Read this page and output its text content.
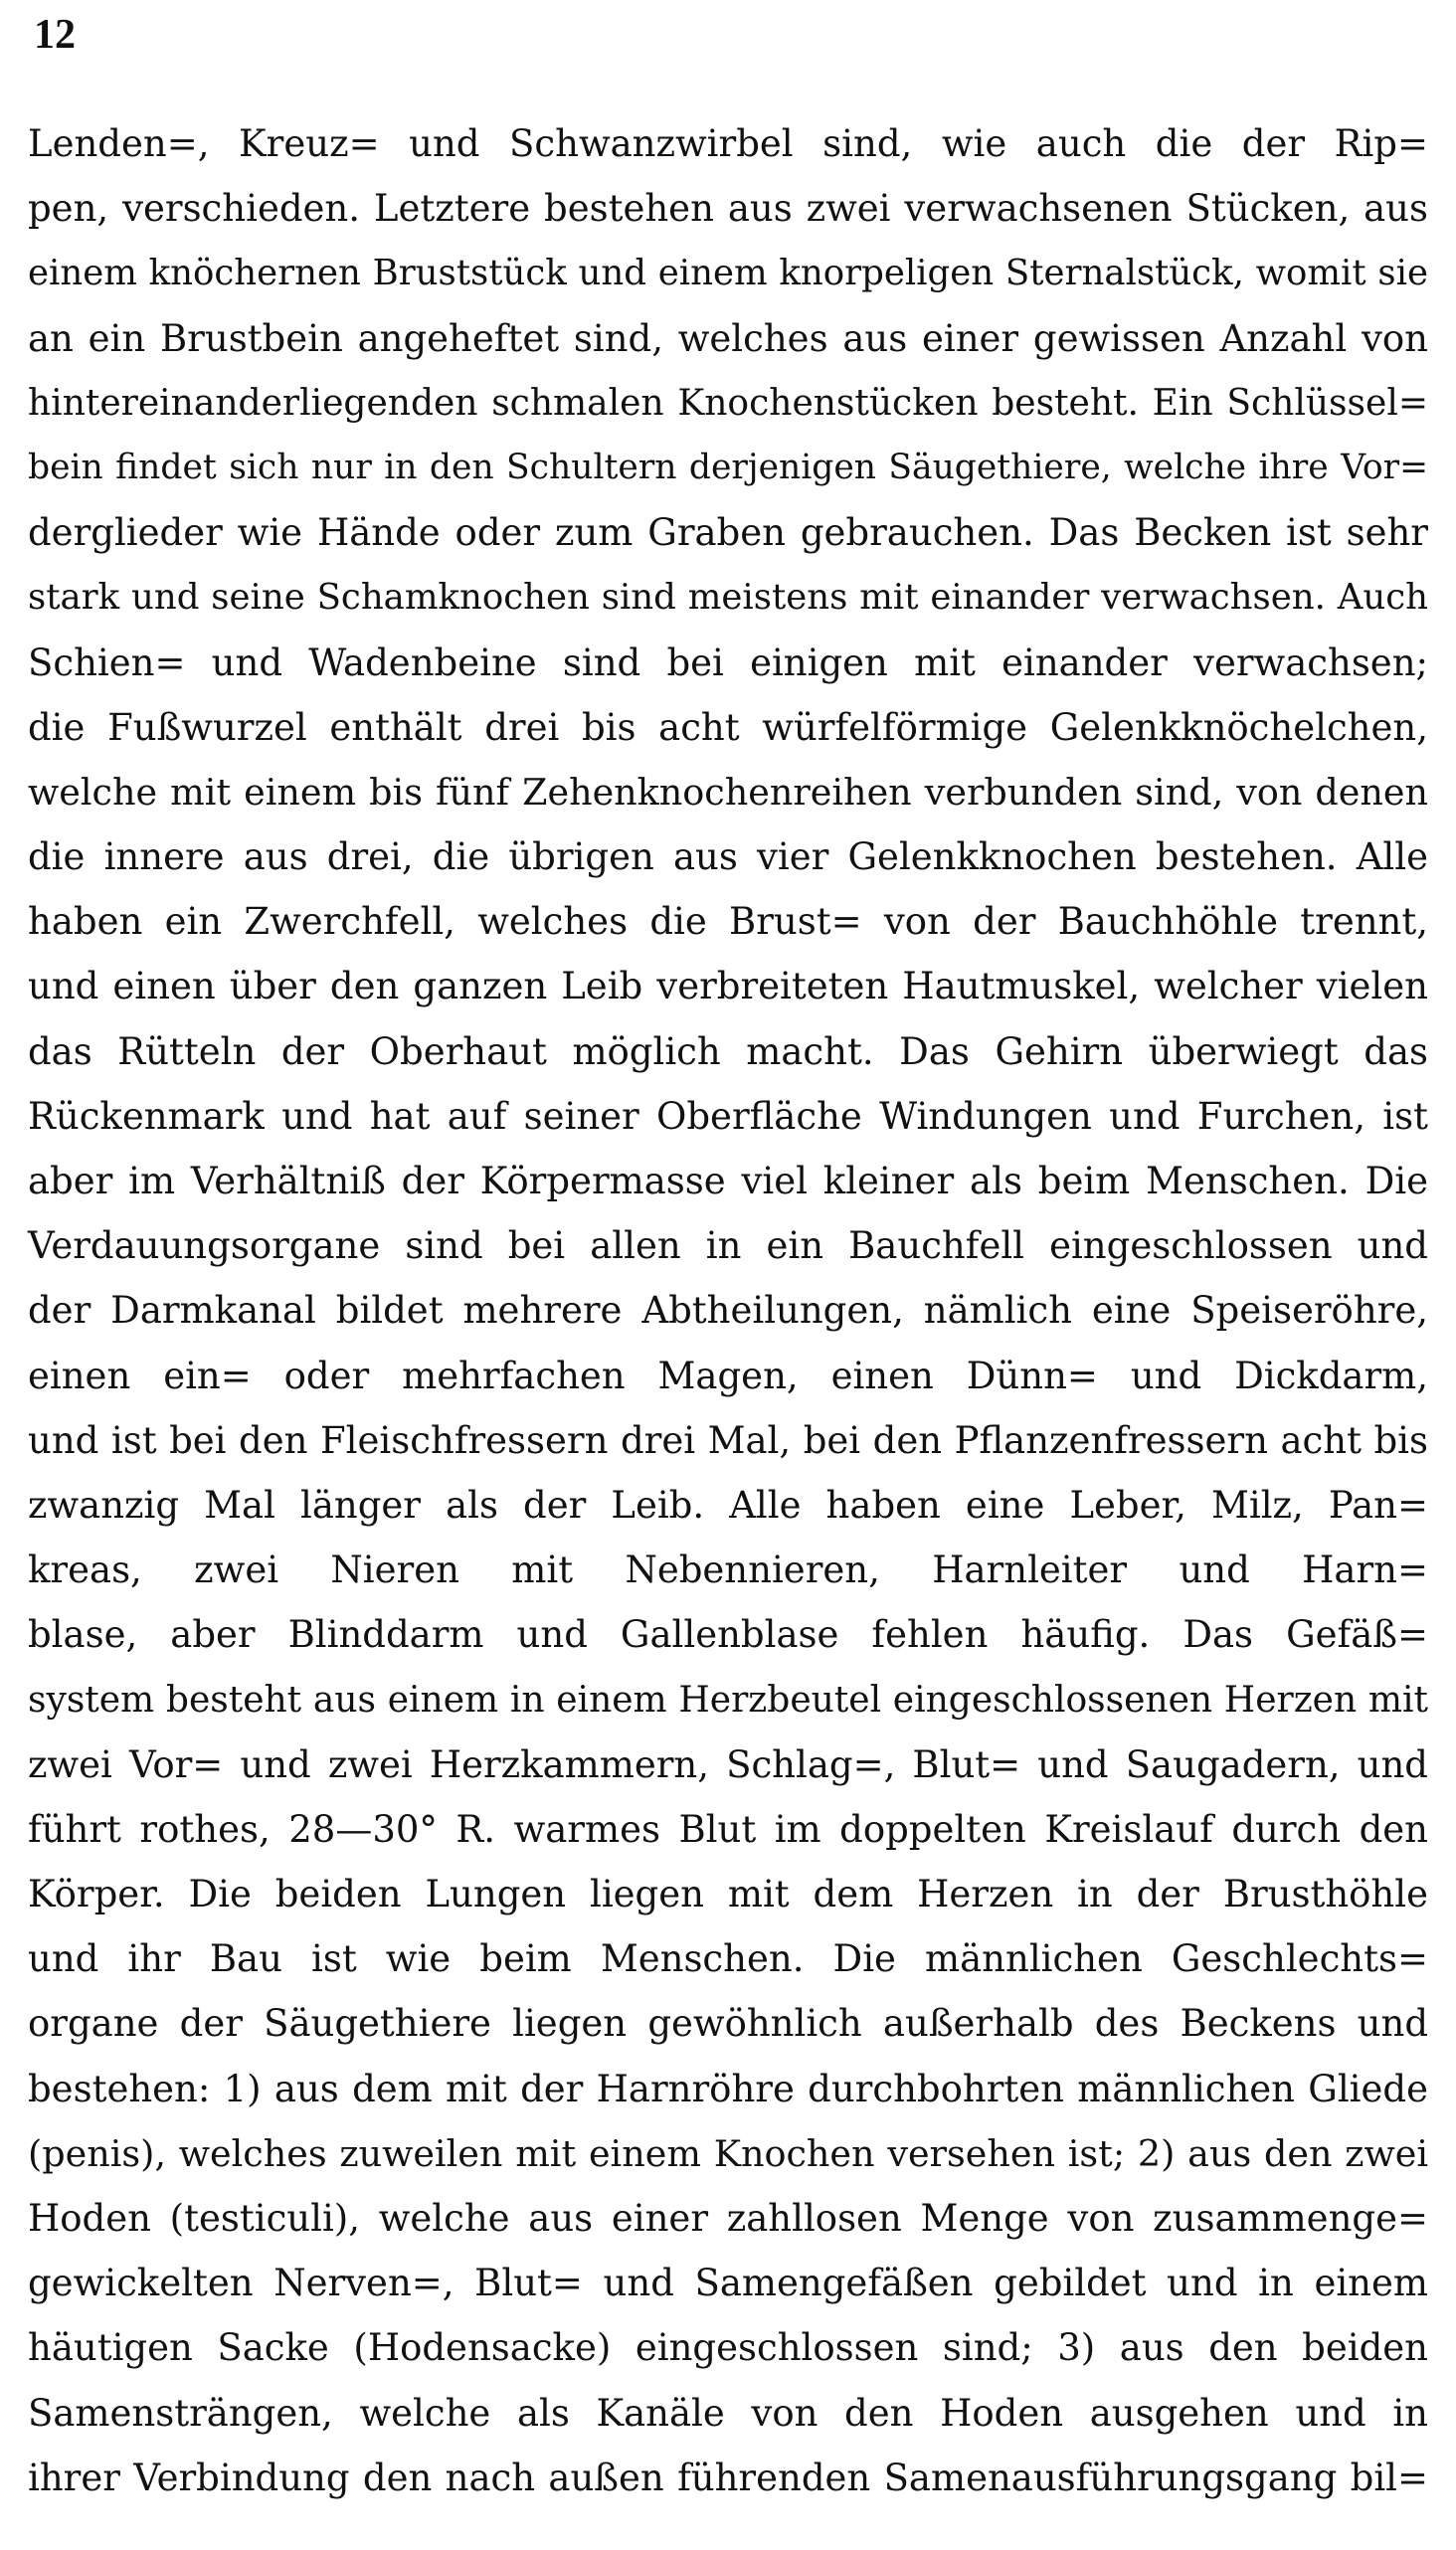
12
Lenden=, Kreuz= und Schwanzwirbel sind, wie auch die der Rip=
pen, verschieden. Letztere bestehen aus zwei verwachsenen Stücken, aus
einem knöchernen Bruststück und einem knorpeligen Sternalstück, womit sie
an ein Brustbein angeheftet sind, welches aus einer gewissen Anzahl von
hintereinanderliegenden schmalen Knochenstücken besteht. Ein Schlüssel=
bein findet sich nur in den Schultern derjenigen Säugethiere, welche ihre Vor=
derglieder wie Hände oder zum Graben gebrauchen. Das Becken ist sehr
stark und seine Schamknochen sind meistens mit einander verwachsen. Auch
Schien= und Wadenbeine sind bei einigen mit einander verwachsen;
die Fußwurzel enthält drei bis acht würfelförmige Gelenkknöchelchen,
welche mit einem bis fünf Zehenknochenreihen verbunden sind, von denen
die innere aus drei, die übrigen aus vier Gelenkknochen bestehen. Alle
haben ein Zwerchfell, welches die Brust= von der Bauchhöhle trennt,
und einen über den ganzen Leib verbreiteten Hautmuskel, welcher vielen
das Rütteln der Oberhaut möglich macht. Das Gehirn überwiegt das
Rückenmark und hat auf seiner Oberfläche Windungen und Furchen, ist
aber im Verhältniß der Körpermasse viel kleiner als beim Menschen. Die
Verdauungsorgane sind bei allen in ein Bauchfell eingeschlossen und
der Darmkanal bildet mehrere Abtheilungen, nämlich eine Speiseröhre,
einen ein= oder mehrfachen Magen, einen Dünn= und Dickdarm,
und ist bei den Fleischfressern drei Mal, bei den Pflanzenfressern acht bis
zwanzig Mal länger als der Leib. Alle haben eine Leber, Milz, Pan=
kreas, zwei Nieren mit Nebennieren, Harnleiter und Harn=
blase, aber Blinddarm und Gallenblase fehlen häufig. Das Gefäß=
system besteht aus einem in einem Herzbeutel eingeschlossenen Herzen mit
zwei Vor= und zwei Herzkammern, Schlag=, Blut= und Saugadern, und
führt rothes, 28—30° R. warmes Blut im doppelten Kreislauf durch den
Körper. Die beiden Lungen liegen mit dem Herzen in der Brusthöhle
und ihr Bau ist wie beim Menschen. Die männlichen Geschlechts=
organe der Säugethiere liegen gewöhnlich außerhalb des Beckens und
bestehen: 1) aus dem mit der Harnröhre durchbohrten männlichen Gliede
(penis), welches zuweilen mit einem Knochen versehen ist; 2) aus den zwei
Hoden (testiculi), welche aus einer zahllosen Menge von zusammenge=
gewickelten Nerven=, Blut= und Samengefäßen gebildet und in einem
häutigen Sacke (Hodensacke) eingeschlossen sind; 3) aus den beiden
Samensträngen, welche als Kanäle von den Hoden ausgehen und in
ihrer Verbindung den nach außen führenden Samenausführungsgang bil=
